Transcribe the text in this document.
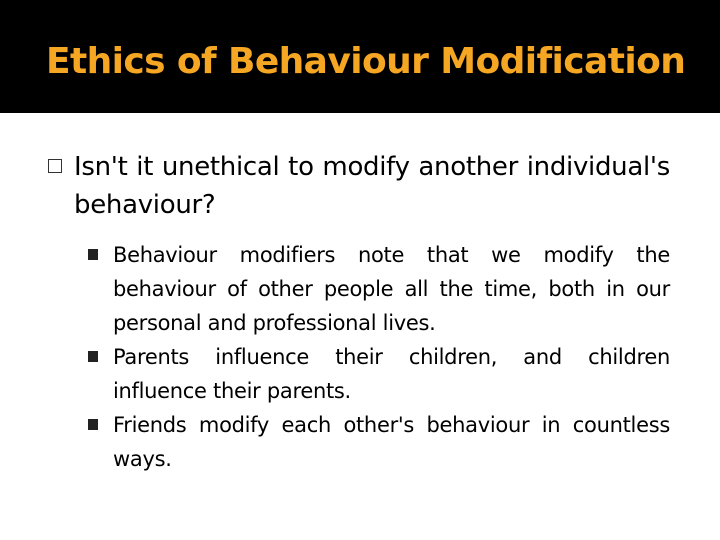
Ethics of Behaviour Modification
Isn't it unethical to modify another individual's behaviour?
Behaviour modifiers note that we modify the behaviour of other people all the time, both in our personal and professional lives.
Parents influence their children, and children influence their parents.
Friends modify each other's behaviour in countless ways.
